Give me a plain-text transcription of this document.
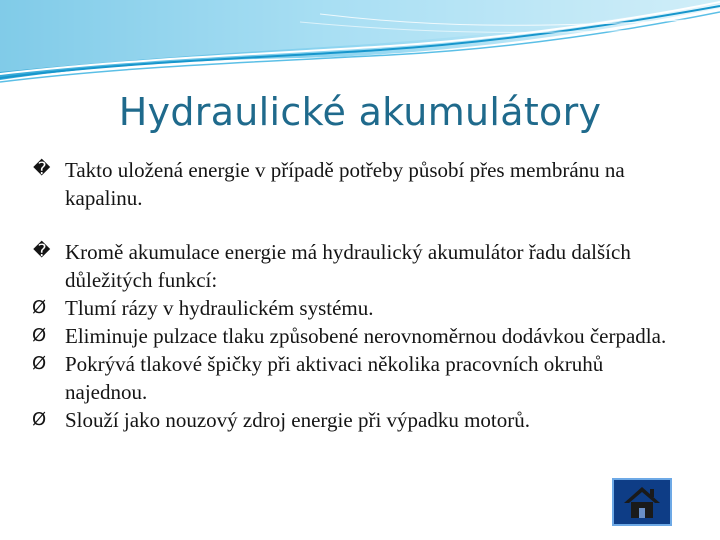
Hydraulické akumulátory

� Takto uložená energie v případě potřeby působí přes membránu na kapalinu.

� Kromě akumulace energie má hydraulický akumulátor řadu dalších důležitých funkcí:

Ø Tlumí rázy v hydraulickém systému.

Ø Eliminuje pulzace tlaku způsobené nerovnoměrnou dodávkou čerpadla.

Ø Pokrývá tlakové špičky při aktivaci několika pracovních okruhů najednou.

Ø Slouží jako nouzový zdroj energie při výpadku motorů.
